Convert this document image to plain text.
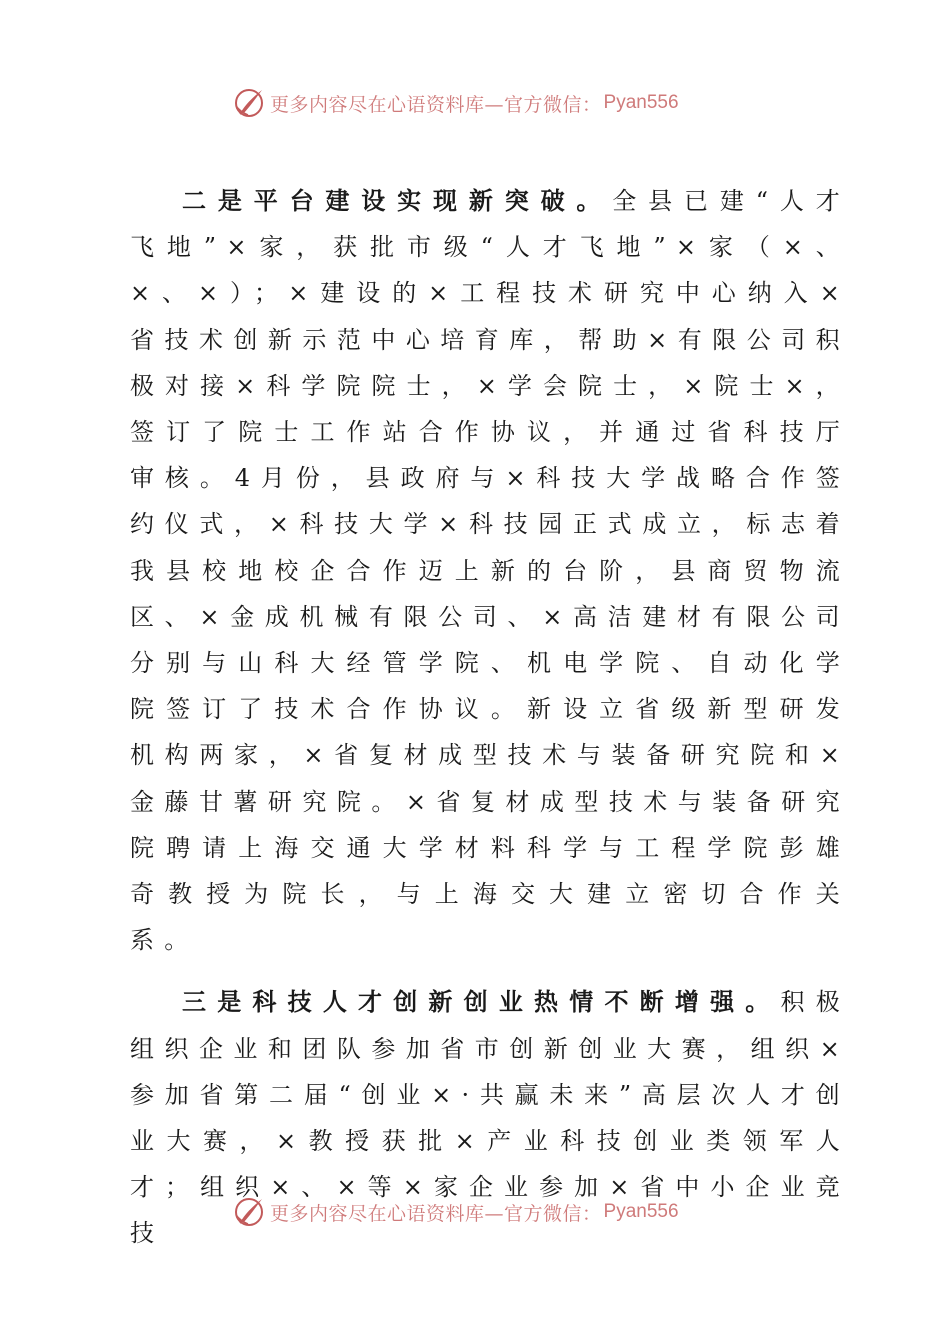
更多内容尽在心语资料库—官方微信： Pyan556

二是平台建设实现新突破。全县已建“人才飞地”×家，获批市级“人才飞地”×家（×、×、×）；×建设的×工程技术研究中心纳入×省技术创新示范中心培育库，帮助×有限公司积极对接×科学院院士，×学会院士，×院士×，签订了院士工作站合作协议，并通过省科技厅审核。4月份，县政府与×科技大学战略合作签约仪式，×科技大学×科技园正式成立，标志着我县校地校企合作迈上新的台阶，县商贸物流区、×金成机械有限公司、×高洁建材有限公司分别与山科大经管学院、机电学院、自动化学院签订了技术合作协议。新设立省级新型研发机构两家，×省复材成型技术与装备研究院和×金藤甘薯研究院。×省复材成型技术与装备研究院聘请上海交通大学材料科学与工程学院彭雄奇教授为院长，与上海交大建立密切合作关系。

三是科技人才创新创业热情不断增强。积极组织企业和团队参加省市创新创业大赛，组织×参加省第二届“创业×·共赢未来”高层次人才创业大赛，×教授获批×产业科技创业类领军人才；组织×、×等×家企业参加×省中小企业竞技

更多内容尽在心语资料库—官方微信： Pyan556
